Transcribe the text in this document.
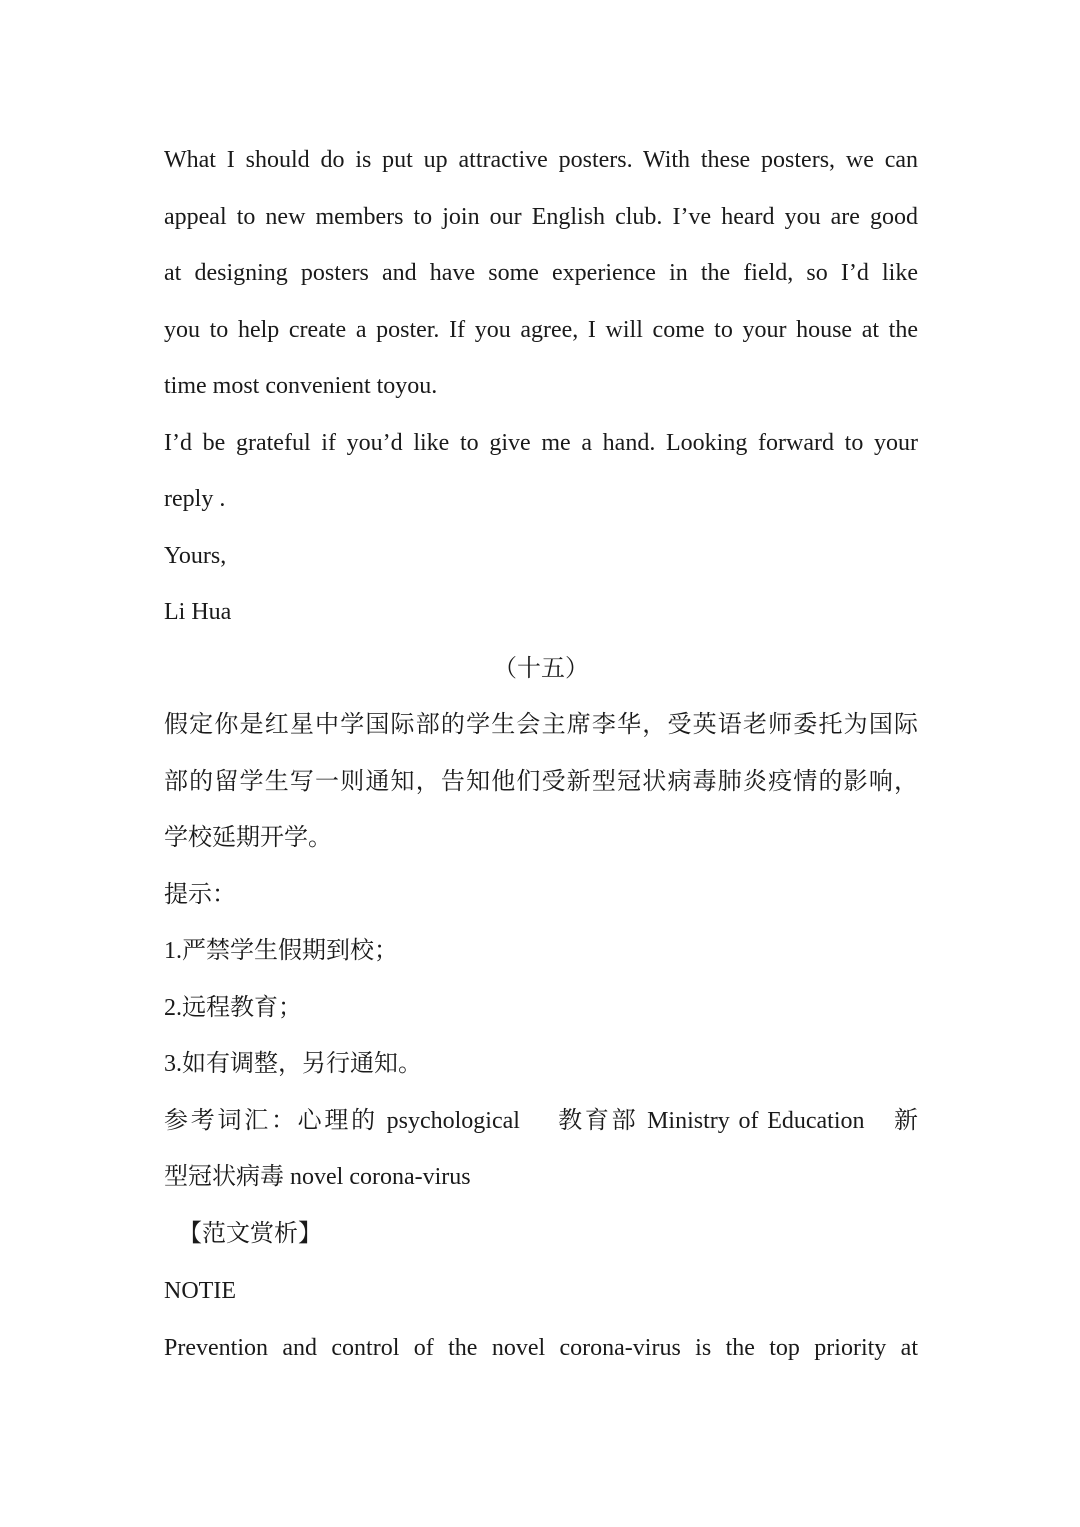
What I should do is put up attractive posters. With these posters, we can
appeal to new members to join our English club. I’ve heard you are good
at designing posters and have some experience in the field, so I’d like
you to help create a poster. If you agree, I will come to your house at the
time most convenient toyou.
I’d be grateful if you’d like to give me a hand. Looking forward to your
reply .
Yours,
Li Hua
（十五）
假定你是红星中学国际部的学生会主席李华，受英语老师委托为国际
部的留学生写一则通知，告知他们受新型冠状病毒肺炎疫情的影响，
学校延期开学。
提示：
1.严禁学生假期到校；
2.远程教育；
3.如有调整，另行通知。
参考词汇：心理的 psychological　 教育部 Ministry of Education　新
型冠状病毒 novel corona-virus
【范文赏析】
NOTIE
Prevention and control of the novel corona-virus is the top priority at
